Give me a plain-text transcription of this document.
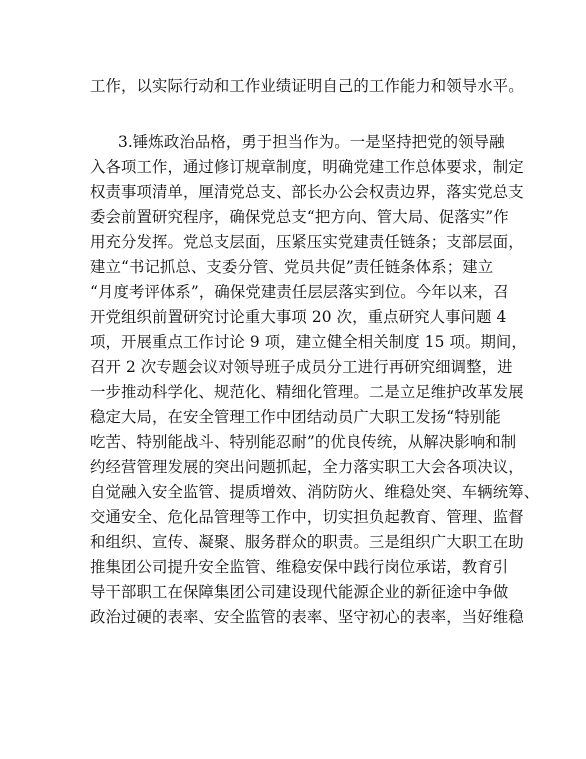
工作，以实际行动和工作业绩证明自己的工作能力和领导水平。
3.锤炼政治品格，勇于担当作为。一是坚持把党的领导融
入各项工作，通过修订规章制度，明确党建工作总体要求，制定
权责事项清单，厘清党总支、部长办公会权责边界，落实党总支
委会前置研究程序，确保党总支“把方向、管大局、促落实”作
用充分发挥。党总支层面，压紧压实党建责任链条；支部层面，
建立“书记抓总、支委分管、党员共促”责任链条体系；建立
“月度考评体系”，确保党建责任层层落实到位。今年以来，召
开党组织前置研究讨论重大事项 20 次，重点研究人事问题 4
项，开展重点工作讨论 9 项，建立健全相关制度 15 项。期间，
召开 2 次专题会议对领导班子成员分工进行再研究细调整，进
一步推动科学化、规范化、精细化管理。二是立足维护改革发展
稳定大局，在安全管理工作中团结动员广大职工发扬“特别能
吃苦、特别能战斗、特别能忍耐”的优良传统，从解决影响和制
约经营管理发展的突出问题抓起，全力落实职工大会各项决议，
自觉融入安全监管、提质增效、消防防火、维稳处突、车辆统筹、
交通安全、危化品管理等工作中，切实担负起教育、管理、监督
和组织、宣传、凝聚、服务群众的职责。三是组织广大职工在助
推集团公司提升安全监管、维稳安保中践行岗位承诺，教育引
导干部职工在保障集团公司建设现代能源企业的新征途中争做
政治过硬的表率、安全监管的表率、坚守初心的表率，当好维稳
